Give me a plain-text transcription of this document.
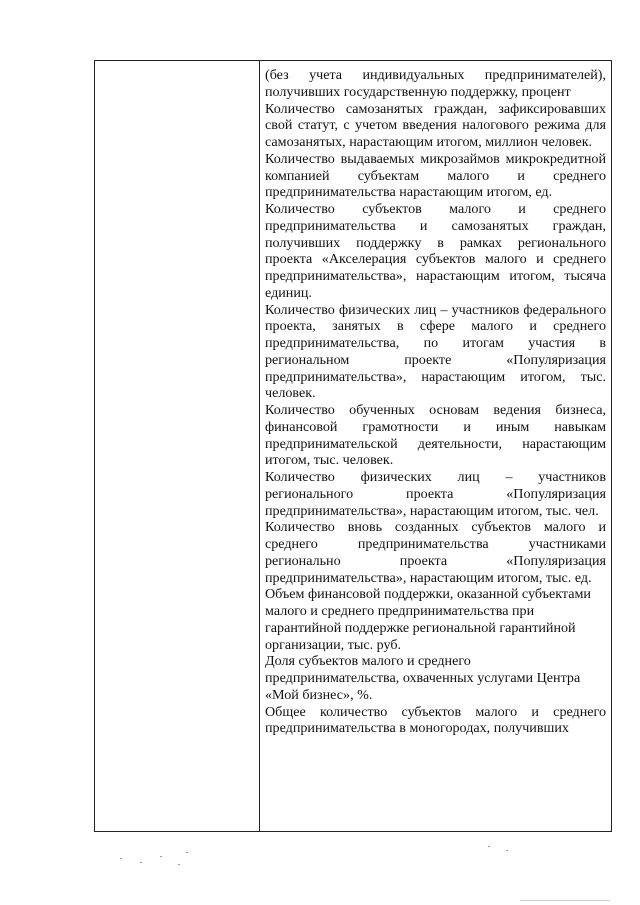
(без учета индивидуальных предпринимателей), получивших государственную поддержку, процент

Количество самозанятых граждан, зафиксировавших свой статут, с учетом введения налогового режима для самозанятых, нарастающим итогом, миллион человек.

Количество выдаваемых микрозаймов микрокредитной компанией субъектам малого и среднего предпринимательства нарастающим итогом, ед.

Количество субъектов малого и среднего предпринимательства и самозанятых граждан, получивших поддержку в рамках регионального проекта «Акселерация субъектов малого и среднего предпринимательства», нарастающим итогом, тысяча единиц.

Количество физических лиц – участников федерального проекта, занятых в сфере малого и среднего предпринимательства, по итогам участия в региональном проекте «Популяризация предпринимательства», нарастающим итогом, тыс. человек.

Количество обученных основам ведения бизнеса, финансовой грамотности и иным навыкам предпринимательской деятельности, нарастающим итогом, тыс. человек.

Количество физических лиц – участников регионального проекта «Популяризация предпринимательства», нарастающим итогом, тыс. чел.

Количество вновь созданных субъектов малого и среднего предпринимательства участниками регионально проекта «Популяризация предпринимательства», нарастающим итогом, тыс. ед.

Объем финансовой поддержки, оказанной субъектами малого и среднего предпринимательства при гарантийной поддержке региональной гарантийной организации, тыс. руб.

Доля субъектов малого и среднего предпринимательства, охваченных услугами Центра «Мой бизнес», %.

Общее количество субъектов малого и среднего предпринимательства в моногородах, получивших
